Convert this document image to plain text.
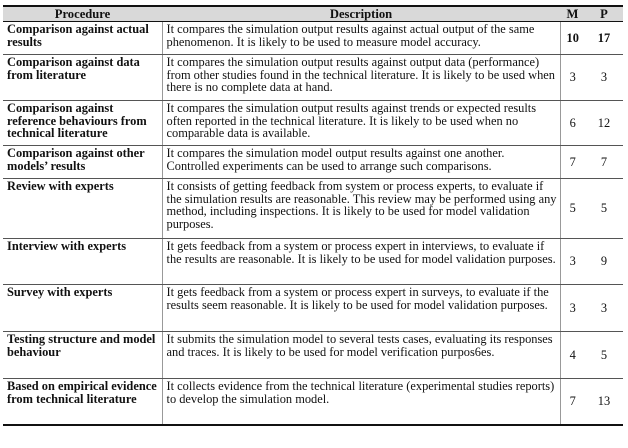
Procedure	Description	M	P
Comparison against actual results	It compares the simulation output results against actual output of the same phenomenon. It is likely to be used to measure model accuracy.	10	17
Comparison against data from literature	It compares the simulation output results against output data (performance) from other studies found in the technical literature. It is likely to be used when there is no complete data at hand.	3	3
Comparison against reference behaviours from technical literature	It compares the simulation output results against trends or expected results often reported in the technical literature. It is likely to be used when no comparable data is available.	6	12
Comparison against other models’ results	It compares the simulation model output results against one another. Controlled experiments can be used to arrange such comparisons.	7	7
Review with experts	It consists of getting feedback from system or process experts, to evaluate if the simulation results are reasonable. This review may be performed using any method, including inspections. It is likely to be used for model validation purposes.	5	5
Interview with experts	It gets feedback from a system or process expert in interviews, to evaluate if the results are reasonable. It is likely to be used for model validation purposes.	3	9
Survey with experts	It gets feedback from a system or process expert in surveys, to evaluate if the results seem reasonable. It is likely to be used for model validation purposes.	3	3
Testing structure and model behaviour	It submits the simulation model to several tests cases, evaluating its responses and traces. It is likely to be used for model verification purpos6es.	4	5
Based on empirical evidence from technical literature	It collects evidence from the technical literature (experimental studies reports) to develop the simulation model.	7	13
